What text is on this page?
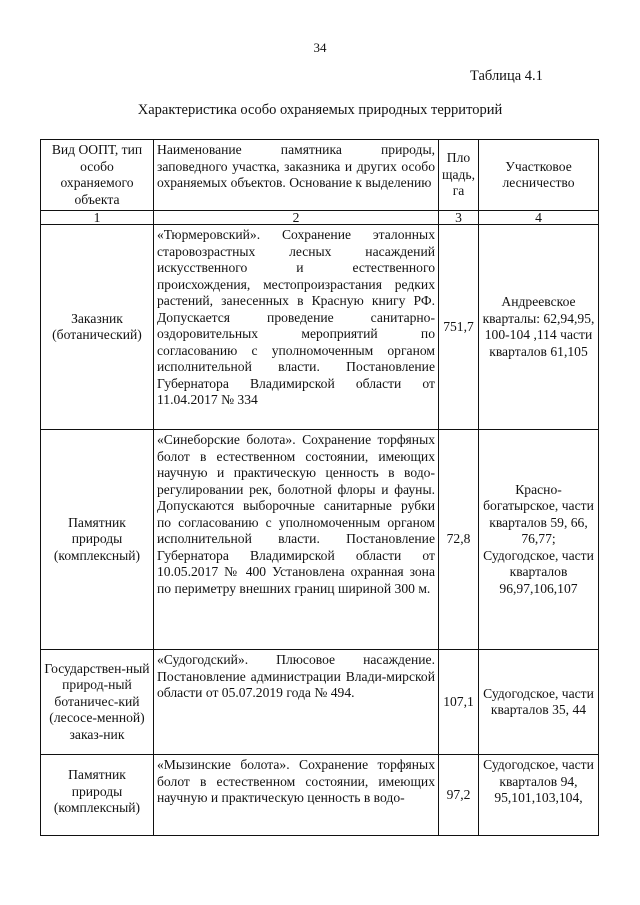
34
Таблица 4.1
Характеристика особо охраняемых природных территорий
Вид ООПТ, тип особо охраняемого объекта	Наименование памятника природы, заповедного участка, заказника и других особо охраняемых объектов. Основание к выделению	Пло щадь, га	Участковое лесничество
1	2	3	4
Заказник (ботанический)	«Тюрмеровский». Сохранение эталонных старовозрастных лесных насаждений искусственного и естественного происхождения, местопроизрастания редких растений, занесенных в Красную книгу РФ. Допускается проведение санитарно-оздоровительных мероприятий по согласованию с уполномоченным органом исполнительной власти. Постановление Губернатора Владимирской области от 11.04.2017 № 334	751,7	Андреевское кварталы: 62,94,95, 100-104 ,114 части кварталов 61,105
Памятник природы (комплексный)	«Синеборские болота». Сохранение торфяных болот в естественном состоянии, имеющих научную и практическую ценность в водо-регулировании рек, болотной флоры и фауны. Допускаются выборочные санитарные рубки по согласованию с уполномоченным органом исполнительной власти. Постановление Губернатора Владимирской области от 10.05.2017 № 400 Установлена охранная зона по периметру внешних границ шириной 300 м.	72,8	Красно-богатырское, части кварталов 59, 66, 76,77; Судогодское, части кварталов 96,97,106,107
Государствен-ный природ-ный ботаничес-кий (лесосе-менной) заказ-ник	«Судогодский». Плюсовое насаждение. Постановление администрации Влади-мирской области от 05.07.2019 года № 494.	107,1	Судогодское, части кварталов 35, 44
Памятник природы (комплексный)	«Мызинские болота». Сохранение торфяных болот в естественном состоянии, имеющих научную и практическую ценность в водо-	97,2	Судогодское, части кварталов 94, 95,101,103,104,
